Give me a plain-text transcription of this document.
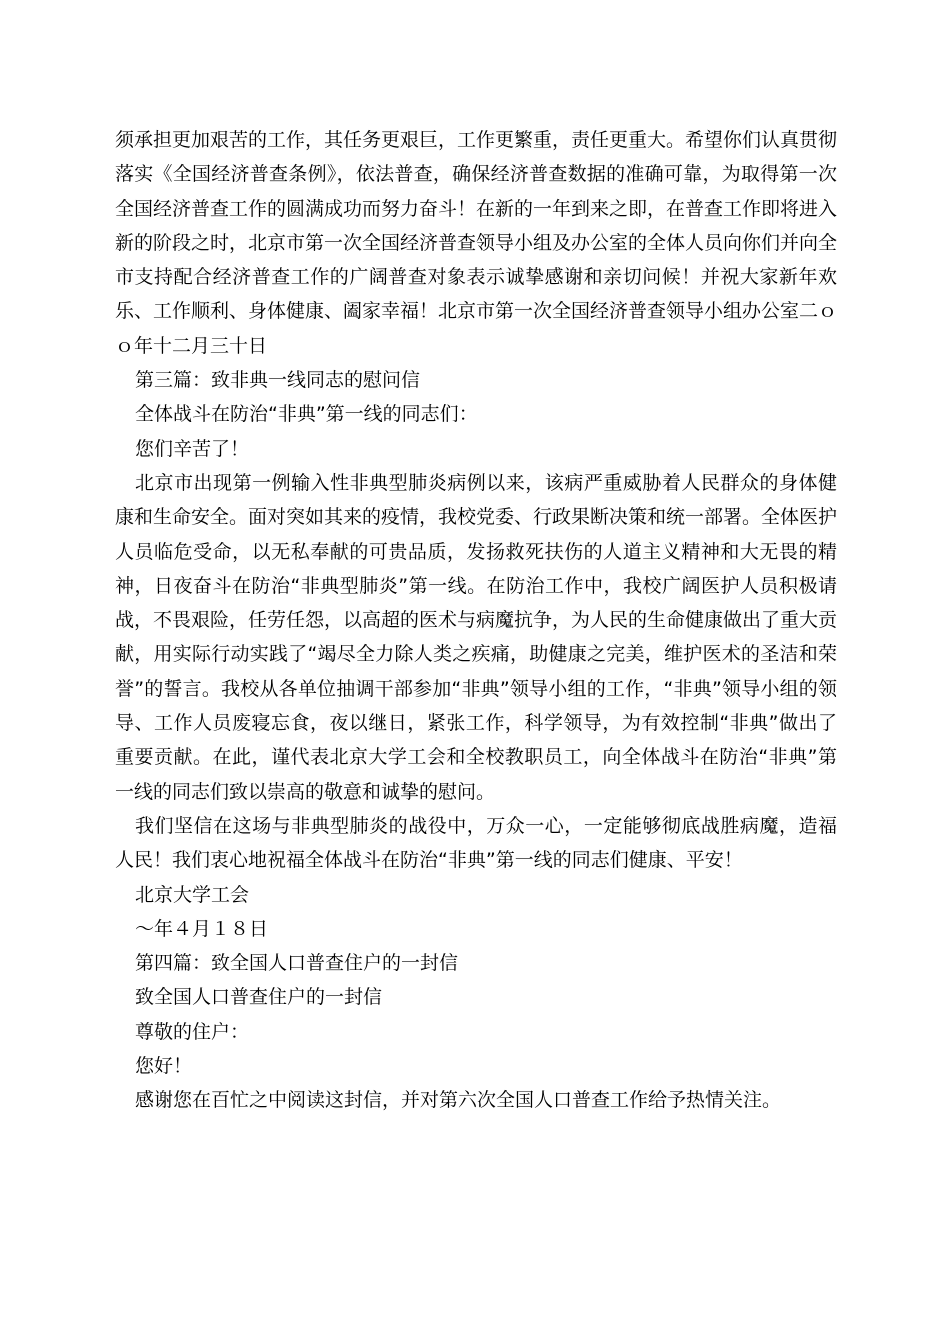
须承担更加艰苦的工作，其任务更艰巨，工作更繁重，责任更重大。希望你们认真贯彻落实《全国经济普查条例》，依法普查，确保经济普查数据的准确可靠，为取得第一次全国经济普查工作的圆满成功而努力奋斗！在新的一年到来之即，在普查工作即将进入新的阶段之时，北京市第一次全国经济普查领导小组及办公室的全体人员向你们并向全市支持配合经济普查工作的广阔普查对象表示诚挚感谢和亲切问候！并祝大家新年欢乐、工作顺利、身体健康、阖家幸福！北京市第一次全国经济普查领导小组办公室二ｏｏ年十二月三十日

第三篇：致非典一线同志的慰问信

全体战斗在防治“非典”第一线的同志们：

您们辛苦了！

北京市出现第一例输入性非典型肺炎病例以来，该病严重威胁着人民群众的身体健康和生命安全。面对突如其来的疫情，我校党委、行政果断决策和统一部署。全体医护人员临危受命，以无私奉献的可贵品质，发扬救死扶伤的人道主义精神和大无畏的精神，日夜奋斗在防治“非典型肺炎”第一线。在防治工作中，我校广阔医护人员积极请战，不畏艰险，任劳任怨，以高超的医术与病魔抗争，为人民的生命健康做出了重大贡献，用实际行动实践了“竭尽全力除人类之疾痛，助健康之完美，维护医术的圣洁和荣誉”的誓言。我校从各单位抽调干部参加“非典”领导小组的工作，“非典”领导小组的领导、工作人员废寝忘食，夜以继日，紧张工作，科学领导，为有效控制“非典”做出了重要贡献。在此，谨代表北京大学工会和全校教职员工，向全体战斗在防治“非典”第一线的同志们致以崇高的敬意和诚挚的慰问。

我们坚信在这场与非典型肺炎的战役中，万众一心，一定能够彻底战胜病魔，造福人民！我们衷心地祝福全体战斗在防治“非典”第一线的同志们健康、平安！

北京大学工会

～年４月１８日

第四篇：致全国人口普查住户的一封信

致全国人口普查住户的一封信

尊敬的住户：

您好！

感谢您在百忙之中阅读这封信，并对第六次全国人口普查工作给予热情关注。
